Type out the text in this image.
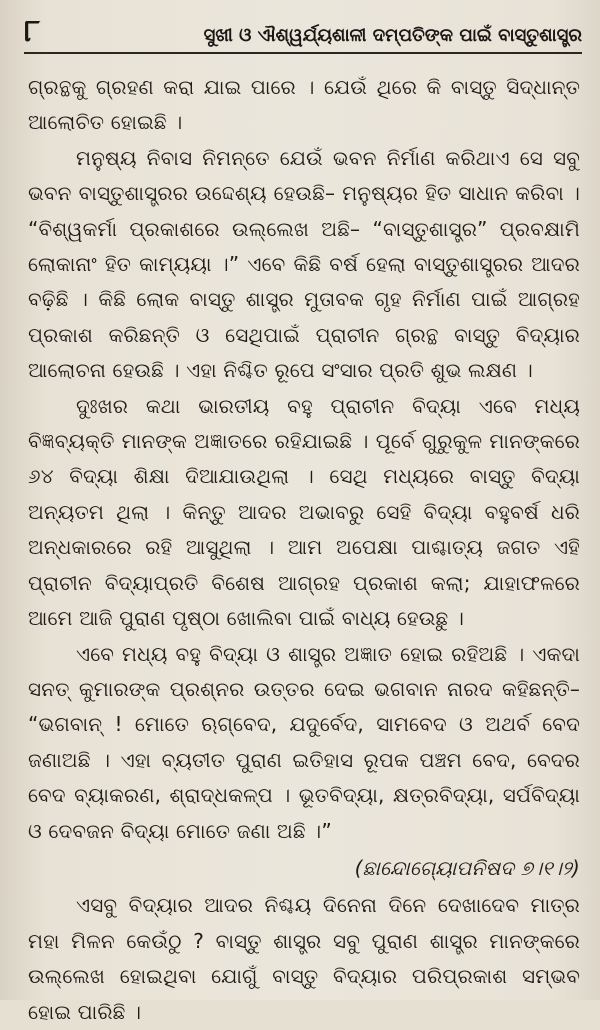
୮	ସୁଖୀ ଓ ଐଶ୍ୱର୍ଯ୍ୟଶାଳୀ ଦମ୍ପତିଙ୍କ ପାଇଁ ବାସ୍ତୁଶାସ୍ତ୍ର

ଗ୍ରନ୍ଥକୁ ଗ୍ରହଣ କରା ଯାଇ ପାରେ । ଯେଉଁ ଥିରେ କି ବାସ୍ତୁ ସିଦ୍ଧାନ୍ତ ଆଲୋଚିତ ହୋଇଛି ।

ମନୁଷ୍ୟ ନିବାସ ନିମନ୍ତେ ଯେଉଁ ଭବନ ନିର୍ମାଣ କରିଥାଏ ସେ ସବୁ ଭବନ ବାସ୍ତୁଶାସ୍ତ୍ରର ଉଦ୍ଦେଶ୍ୟ ହେଉଛି– ମନୁଷ୍ୟର ହିତ ସାଧାନ କରିବା । “ବିଶ୍ୱକର୍ମା ପ୍ରକାଶରେ ଉଲ୍ଲେଖ ଅଛି– “ବାସ୍ତୁଶାସ୍ତ୍ର” ପ୍ରବକ୍ଷାମି ଲୋକାନାଂ ହିତ କାମ୍ୟୟା ।” ଏବେ କିଛି ବର୍ଷ ହେଲା ବାସ୍ତୁଶାସ୍ତ୍ରର ଆଦର ବଢ଼ିଛି । କିଛି ଲୋକ ବାସ୍ତୁ ଶାସ୍ତ୍ର ମୁତାବକ ଗୃହ ନିର୍ମାଣ ପାଇଁ ଆଗ୍ରହ ପ୍ରକାଶ କରିଛନ୍ତି ଓ ସେଥିପାଇଁ ପ୍ରାଚୀନ ଗ୍ରନ୍ଥ ବାସ୍ତୁ ବିଦ୍ୟାର ଆଲୋଚନା ହେଉଛି । ଏହା ନିଶ୍ଚିତ ରୂପେ ସଂସାର ପ୍ରତି ଶୁଭ ଲକ୍ଷଣ ।

ଦୁଃଖର କଥା ଭାରତୀୟ ବହୁ ପ୍ରାଚୀନ ବିଦ୍ୟା ଏବେ ମଧ୍ୟ ବିଜ୍ଞବ୍ୟକ୍ତି ମାନଙ୍କ ଅଜ୍ଞାତରେ ରହିଯାଇଛି । ପୂର୍ବେ ଗୁରୁକୁଳ ମାନଙ୍କରେ ୬୪ ବିଦ୍ୟା ଶିକ୍ଷା ଦିଆଯାଉଥିଲା । ସେଥି ମଧ୍ୟରେ ବାସ୍ତୁ ବିଦ୍ୟା ଅନ୍ୟତମ ଥିଲା । କିନ୍ତୁ ଆଦର ଅଭାବରୁ ସେହି ବିଦ୍ୟା ବହୁବର୍ଷ ଧରି ଅନ୍ଧକାରରେ ରହି ଆସୁଥିଲା । ଆମ ଅପେକ୍ଷା ପାଶ୍ଚାତ୍ୟ ଜଗତ ଏହି ପ୍ରାଚୀନ ବିଦ୍ୟାପ୍ରତି ବିଶେଷ ଆଗ୍ରହ ପ୍ରକାଶ କଲା; ଯାହାଫଳରେ ଆମେ ଆଜି ପୁରାଣ ପୃଷ୍ଠା ଖୋଲିବା ପାଇଁ ବାଧ୍ୟ ହେଉଛୁ ।

ଏବେ ମଧ୍ୟ ବହୁ ବିଦ୍ୟା ଓ ଶାସ୍ତ୍ର ଅଜ୍ଞାତ ହୋଇ ରହିଅଛି । ଏକଦା ସନତ୍ କୁମାରଙ୍କ ପ୍ରଶ୍ନର ଉତ୍ତର ଦେଇ ଭଗବାନ ନାରଦ କହିଛନ୍ତି– “ଭଗବାନ୍ ! ମୋତେ ଋଗ୍‌ବେଦ, ଯଦୁର୍ବେଦ, ସାମବେଦ ଓ ଅଥର୍ବ ବେଦ ଜଣାଅଛି । ଏହା ବ୍ୟତୀତ ପୁରାଣ ଇତିହାସ ରୂପକ ପଞ୍ଚମ ବେଦ, ବେଦର ବେଦ ବ୍ୟାକରଣ, ଶ୍ରାଦ୍ଧକଳ୍ପ । ଭୂତବିଦ୍ୟା, କ୍ଷତ୍ରବିଦ୍ୟା, ସର୍ପବିଦ୍ୟା ଓ ଦେବଜନ ବିଦ୍ୟା ମୋତେ ଜଣା ଅଛି ।”

(ଛାନ୍ଦୋଗ୍ୟୋପନିଷଦ ୭।୧।୨)

ଏସବୁ ବିଦ୍ୟାର ଆଦର ନିଶ୍ଚୟ ଦିନେନା ଦିନେ ଦେଖାଦେବ ମାତ୍ର ମହା ମିଳନ କେଉଁଠୁ ? ବାସ୍ତୁ ଶାସ୍ତ୍ର ସବୁ ପୁରାଣ ଶାସ୍ତ୍ର ମାନଙ୍କରେ ଉଲ୍ଲେଖ ହୋଇଥିବା ଯୋଗୁଁ ବାସ୍ତୁ ବିଦ୍ୟାର ପରିପ୍ରକାଶ ସମ୍ଭବ ହୋଇ ପାରିଛି ।
